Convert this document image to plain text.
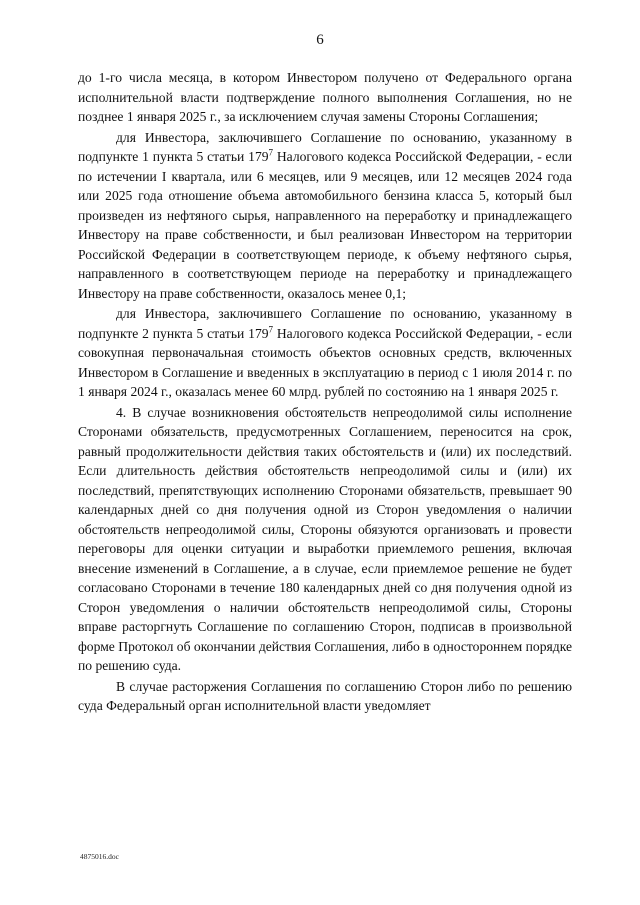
6

до 1-го числа месяца, в котором Инвестором получено от Федерального органа исполнительной власти подтверждение полного выполнения Соглашения, но не позднее 1 января 2025 г., за исключением случая замены Стороны Соглашения;

для Инвестора, заключившего Соглашение по основанию, указанному в подпункте 1 пункта 5 статьи $179^7$ Налогового кодекса Российской Федерации, - если по истечении I квартала, или 6 месяцев, или 9 месяцев, или 12 месяцев 2024 года или 2025 года отношение объема автомобильного бензина класса 5, который был произведен из нефтяного сырья, направленного на переработку и принадлежащего Инвестору на праве собственности, и был реализован Инвестором на территории Российской Федерации в соответствующем периоде, к объему нефтяного сырья, направленного в соответствующем периоде на переработку и принадлежащего Инвестору на праве собственности, оказалось менее 0,1;

для Инвестора, заключившего Соглашение по основанию, указанному в подпункте 2 пункта 5 статьи $179^7$ Налогового кодекса Российской Федерации, - если совокупная первоначальная стоимость объектов основных средств, включенных Инвестором в Соглашение и введенных в эксплуатацию в период с 1 июля 2014 г. по 1 января 2024 г., оказалась менее 60 млрд. рублей по состоянию на 1 января 2025 г.

4. В случае возникновения обстоятельств непреодолимой силы исполнение Сторонами обязательств, предусмотренных Соглашением, переносится на срок, равный продолжительности действия таких обстоятельств и (или) их последствий. Если длительность действия обстоятельств непреодолимой силы и (или) их последствий, препятствующих исполнению Сторонами обязательств, превышает 90 календарных дней со дня получения одной из Сторон уведомления о наличии обстоятельств непреодолимой силы, Стороны обязуются организовать и провести переговоры для оценки ситуации и выработки приемлемого решения, включая внесение изменений в Соглашение, а в случае, если приемлемое решение не будет согласовано Сторонами в течение 180 календарных дней со дня получения одной из Сторон уведомления о наличии обстоятельств непреодолимой силы, Стороны вправе расторгнуть Соглашение по соглашению Сторон, подписав в произвольной форме Протокол об окончании действия Соглашения, либо в одностороннем порядке по решению суда.

В случае расторжения Соглашения по соглашению Сторон либо по решению суда Федеральный орган исполнительной власти уведомляет

4875016.doc
